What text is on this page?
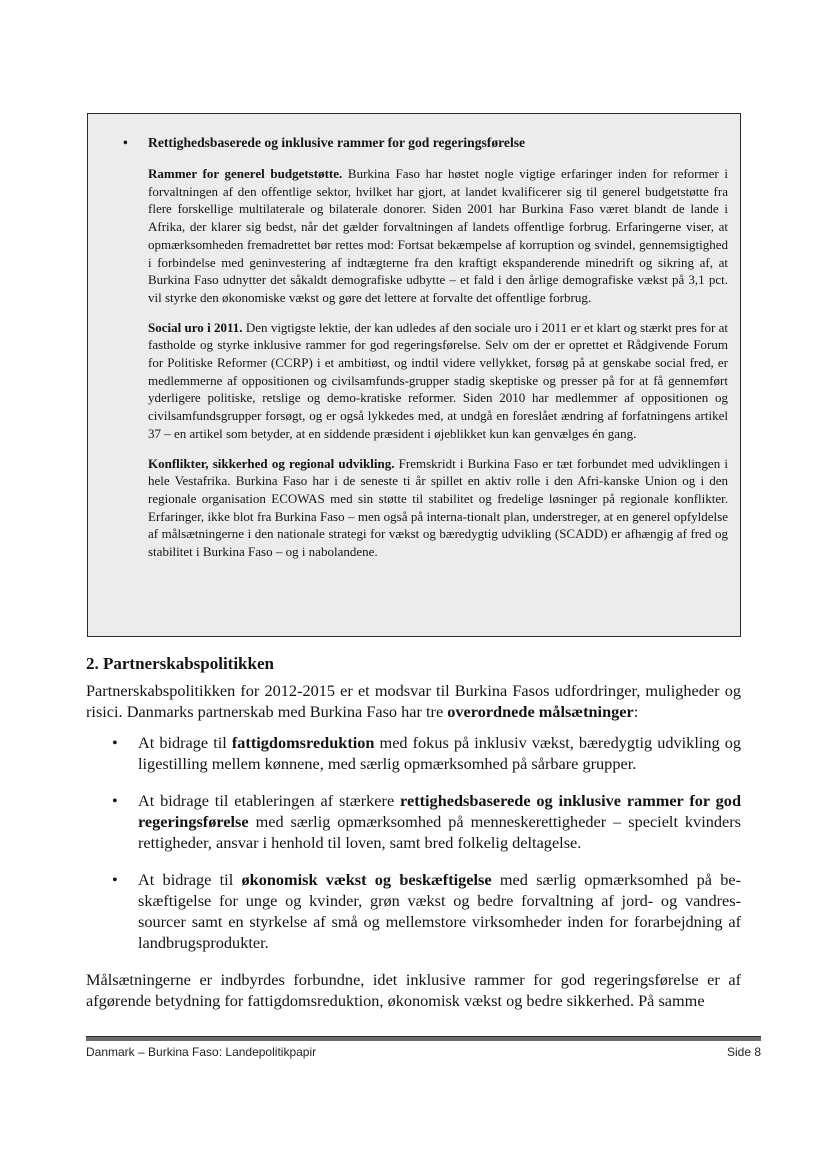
• Rettighedsbaserede og inklusive rammer for god regeringsførelse

Rammer for generel budgetstøtte. Burkina Faso har høstet nogle vigtige erfaringer inden for reformer i forvaltningen af den offentlige sektor, hvilket har gjort, at landet kvalificerer sig til generel budgetstøtte fra flere forskellige multilaterale og bilaterale donorer. Siden 2001 har Burkina Faso været blandt de lande i Afrika, der klarer sig bedst, når det gælder forvaltningen af landets offentlige forbrug. Erfaringerne viser, at opmærksomheden fremadrettet bør rettes mod: Fortsat bekæmpelse af korruption og svindel, gennemsigtighed i forbindelse med geninvestering af indtægterne fra den kraftigt ekspanderende minedrift og sikring af, at Burkina Faso udnytter det såkaldt demografiske udbytte – et fald i den årlige demografiske vækst på 3,1 pct. vil styrke den økonomiske vækst og gøre det lettere at forvalte det offentlige forbrug.

Social uro i 2011. Den vigtigste lektie, der kan udledes af den sociale uro i 2011 er et klart og stærkt pres for at fastholde og styrke inklusive rammer for god regeringsførelse. Selv om der er oprettet et Rådgivende Forum for Politiske Reformer (CCRP) i et ambitiøst, og indtil videre vellykket, forsøg på at genskabe social fred, er medlemmerne af oppositionen og civilsamfunds-grupper stadig skeptiske og presser på for at få gennemført yderligere politiske, retslige og demo-kratiske reformer. Siden 2010 har medlemmer af oppositionen og civilsamfundsgrupper forsøgt, og er også lykkedes med, at undgå en foreslået ændring af forfatningens artikel 37 – en artikel som betyder, at en siddende præsident i øjeblikket kun kan genvælges én gang.

Konflikter, sikkerhed og regional udvikling. Fremskridt i Burkina Faso er tæt forbundet med udviklingen i hele Vestafrika. Burkina Faso har i de seneste ti år spillet en aktiv rolle i den Afri-kanske Union og i den regionale organisation ECOWAS med sin støtte til stabilitet og fredelige løsninger på regionale konflikter. Erfaringer, ikke blot fra Burkina Faso – men også på interna-tionalt plan, understreger, at en generel opfyldelse af målsætningerne i den nationale strategi for vækst og bæredygtig udvikling (SCADD) er afhængig af fred og stabilitet i Burkina Faso – og i nabolandene.

2. Partnerskabspolitikken

Partnerskabspolitikken for 2012-2015 er et modsvar til Burkina Fasos udfordringer, muligheder og risici. Danmarks partnerskab med Burkina Faso har tre overordnede målsætninger:

• At bidrage til fattigdomsreduktion med fokus på inklusiv vækst, bæredygtig udvikling og ligestilling mellem kønnene, med særlig opmærksomhed på sårbare grupper.
• At bidrage til etableringen af stærkere rettighedsbaserede og inklusive rammer for god regeringsførelse med særlig opmærksomhed på menneskerettigheder – specielt kvinders rettigheder, ansvar i henhold til loven, samt bred folkelig deltagelse.
• At bidrage til økonomisk vækst og beskæftigelse med særlig opmærksomhed på be-skæftigelse for unge og kvinder, grøn vækst og bedre forvaltning af jord- og vandres-sourcer samt en styrkelse af små og mellemstore virksomheder inden for forarbejdning af landbrugsprodukter.

Målsætningerne er indbyrdes forbundne, idet inklusive rammer for god regeringsførelse er af afgørende betydning for fattigdomsreduktion, økonomisk vækst og bedre sikkerhed. På samme

Danmark – Burkina Faso: Landepolitikpapir	Side 8
